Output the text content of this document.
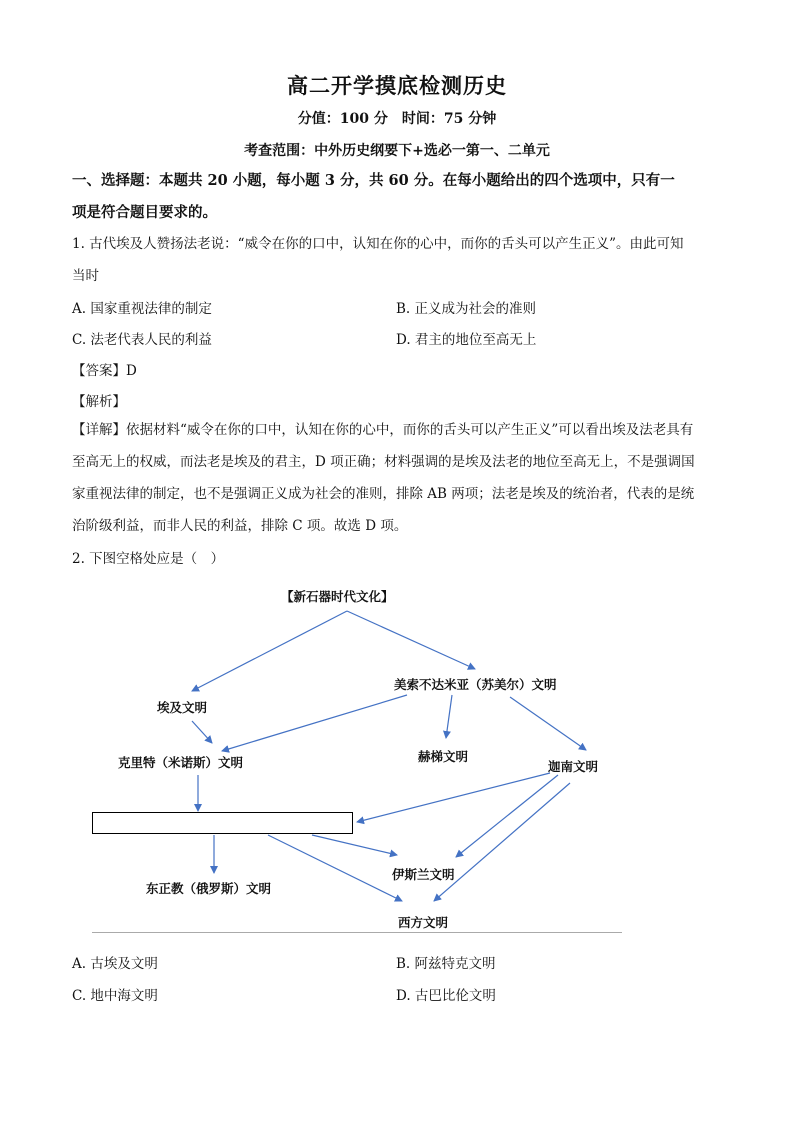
高二开学摸底检测历史
分值：100 分　时间：75 分钟
考查范围：中外历史纲要下+选必一第一、二单元
一、选择题：本题共 20 小题，每小题 3 分，共 60 分。在每小题给出的四个选项中，只有一
项是符合题目要求的。
1. 古代埃及人赞扬法老说：“威令在你的口中，认知在你的心中，而你的舌头可以产生正义”。由此可知
当时
A. 国家重视法律的制定	B. 正义成为社会的准则
C. 法老代表人民的利益	D. 君主的地位至高无上
【答案】D
【解析】
【详解】依据材料“威令在你的口中，认知在你的心中，而你的舌头可以产生正义”可以看出埃及法老具有
至高无上的权威，而法老是埃及的君主，D 项正确；材料强调的是埃及法老的地位至高无上，不是强调国
家重视法律的制定，也不是强调正义成为社会的准则，排除 AB 两项；法老是埃及的统治者，代表的是统
治阶级利益，而非人民的利益，排除 C 项。故选 D 项。
2. 下图空格处应是（　）
【新石器时代文化】
美索不达米亚（苏美尔）文明
埃及文明
克里特（米诺斯）文明	赫梯文明
迦南文明
伊斯兰文明
东正教（俄罗斯）文明
西方文明
A. 古埃及文明	B. 阿兹特克文明
C. 地中海文明	D. 古巴比伦文明
